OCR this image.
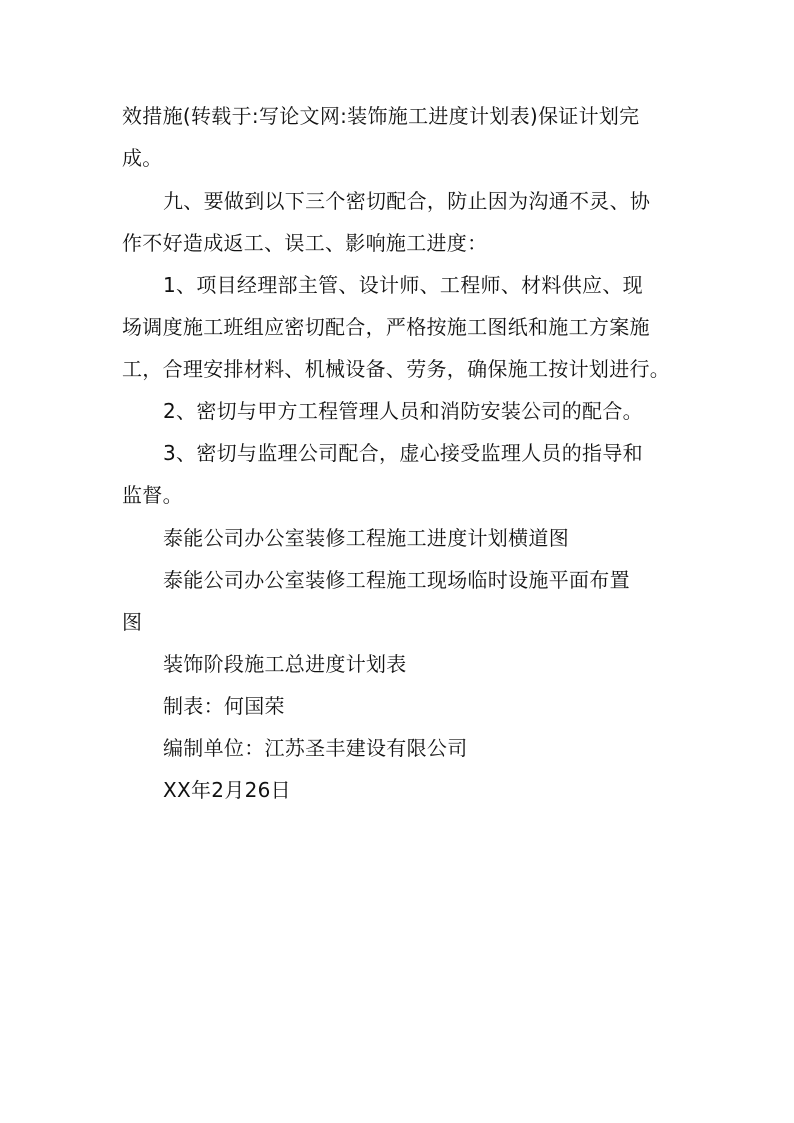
效措施(转载于:写论文网:装饰施工进度计划表)保证计划完
成。
九、要做到以下三个密切配合，防止因为沟通不灵、协
作不好造成返工、误工、影响施工进度：
1、项目经理部主管、设计师、工程师、材料供应、现
场调度施工班组应密切配合，严格按施工图纸和施工方案施
工，合理安排材料、机械设备、劳务，确保施工按计划进行。
2、密切与甲方工程管理人员和消防安装公司的配合。
3、密切与监理公司配合，虚心接受监理人员的指导和
监督。
泰能公司办公室装修工程施工进度计划横道图
泰能公司办公室装修工程施工现场临时设施平面布置
图
装饰阶段施工总进度计划表
制表：何国荣
编制单位：江苏圣丰建设有限公司
XX年2月26日
